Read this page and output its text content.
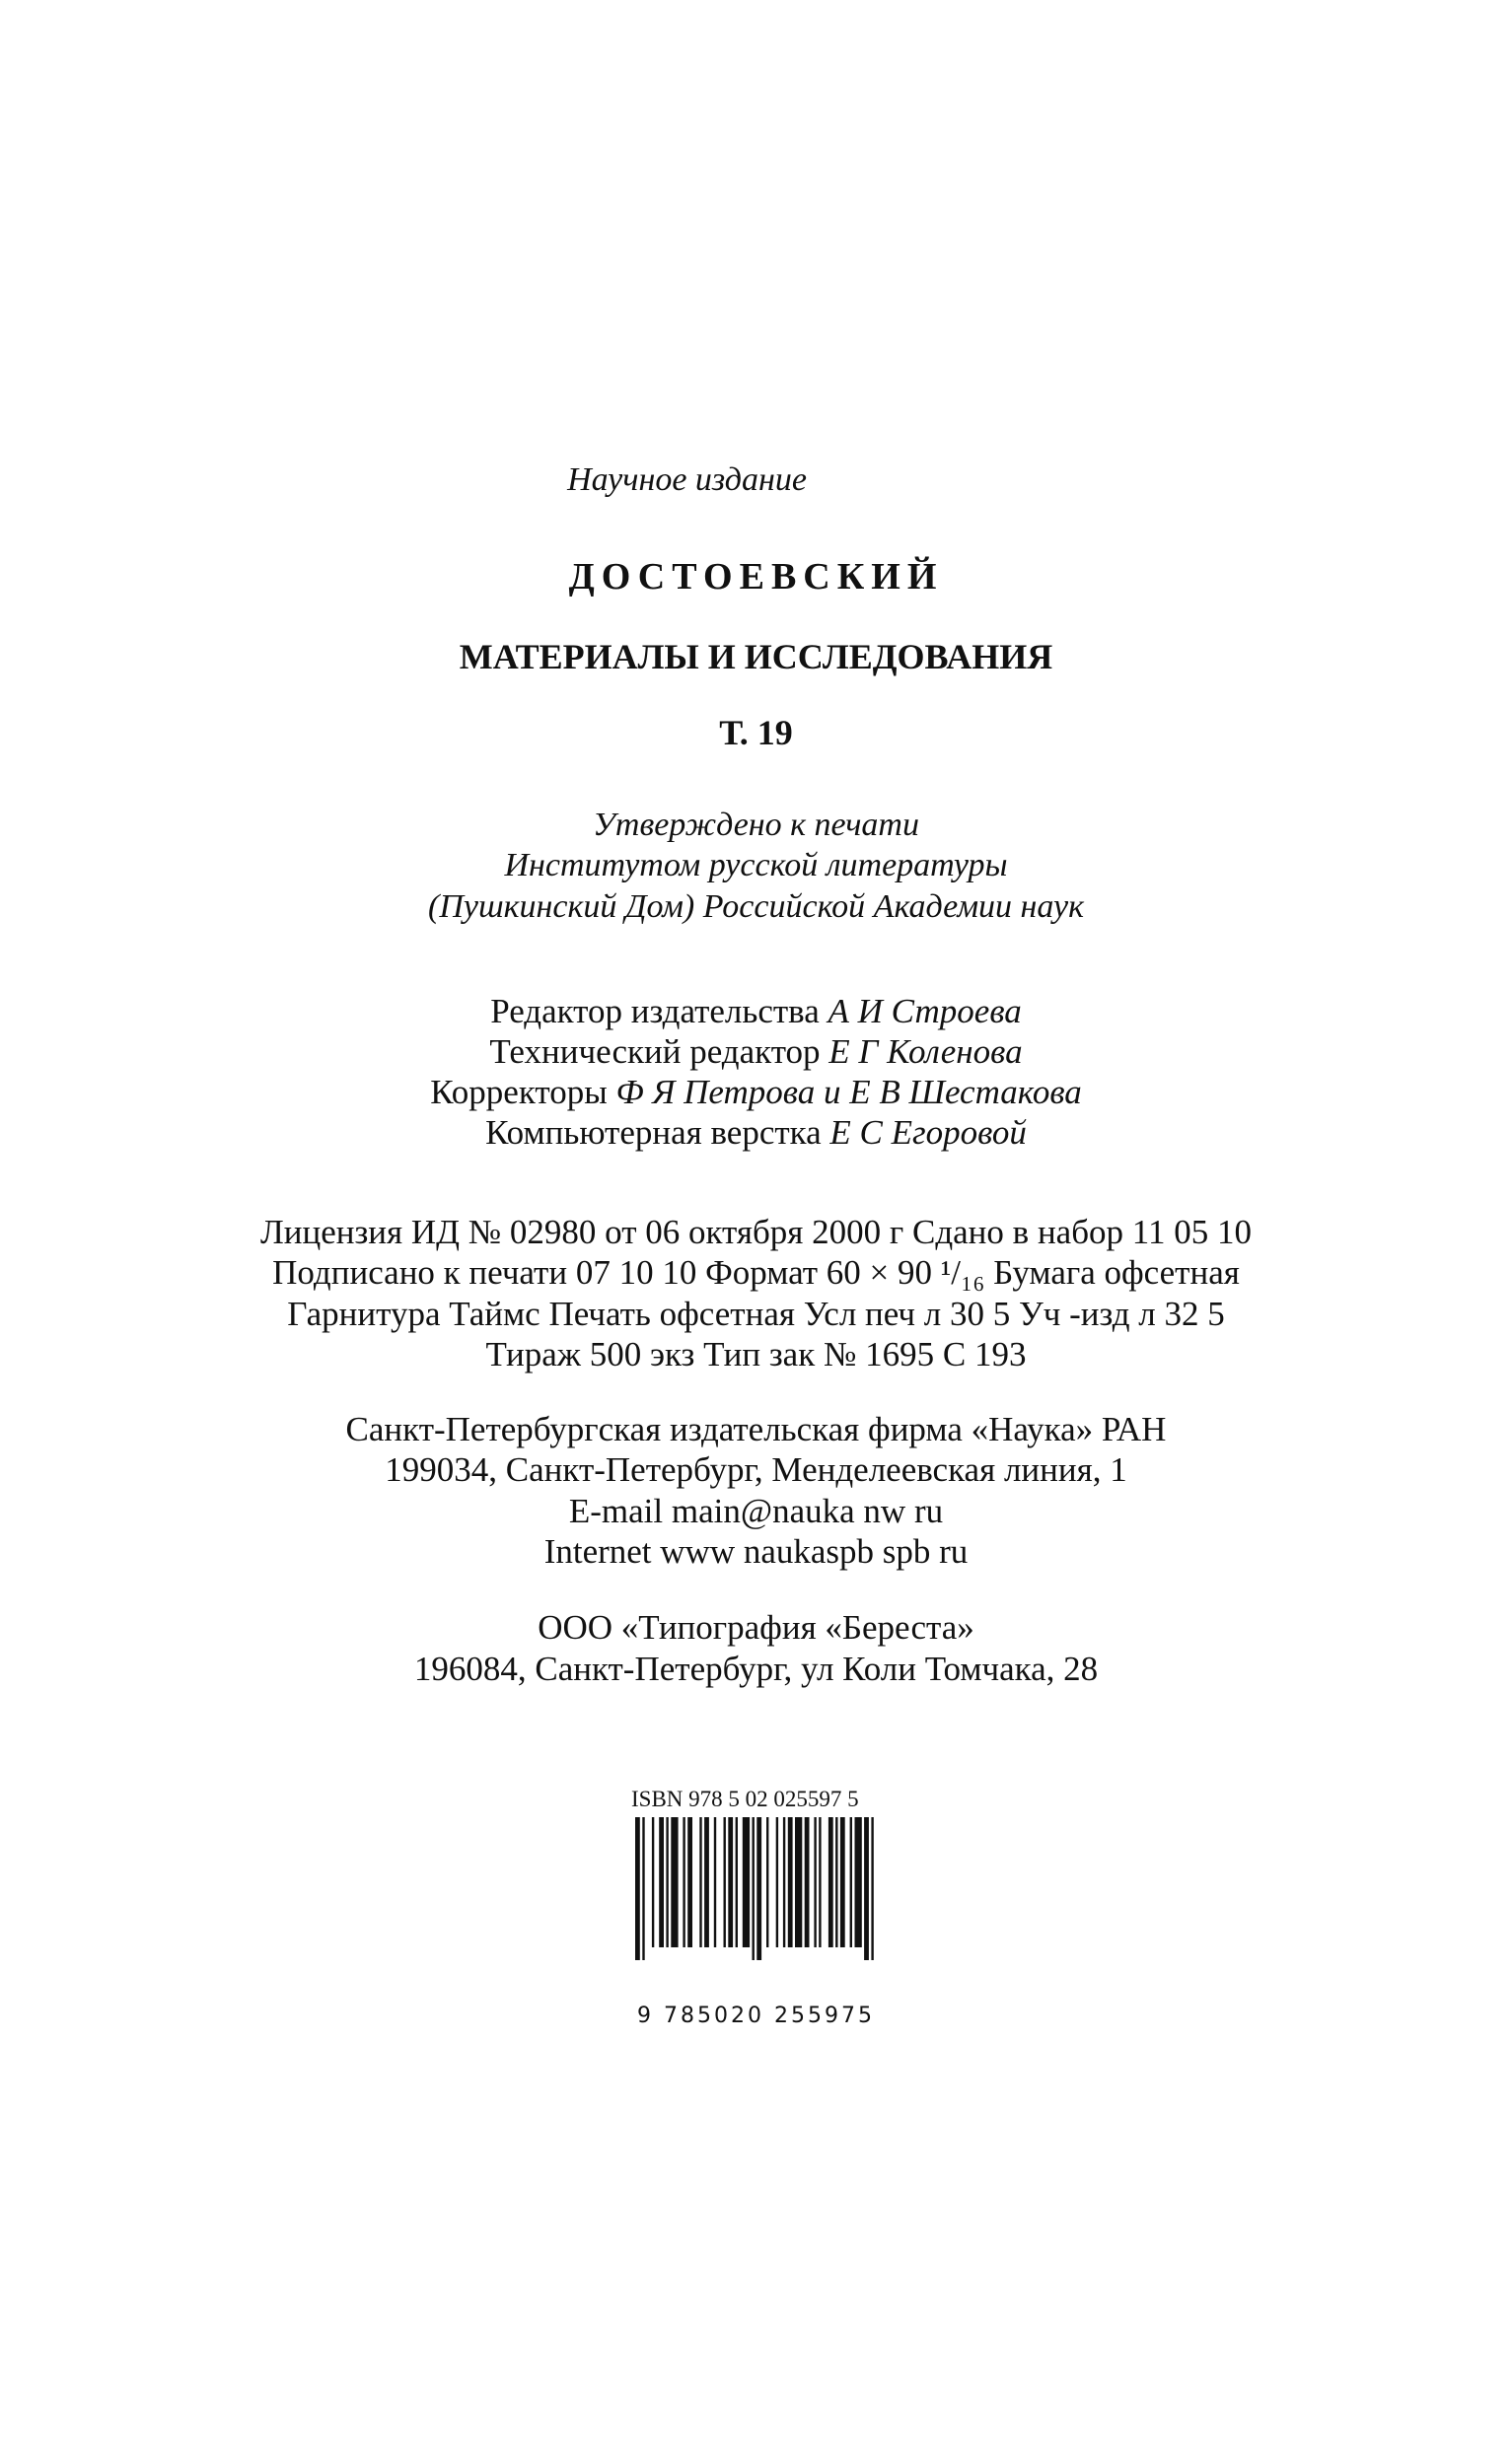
Научное издание
ДОСТОЕВСКИЙ
МАТЕРИАЛЫ И ИССЛЕДОВАНИЯ
Т. 19
Утверждено к печати
Институтом русской литературы
(Пушкинский Дом) Российской Академии наук
Редактор издательства А И Строева
Технический редактор Е Г Коленова
Корректоры Ф Я Петрова и Е В Шестакова
Компьютерная верстка Е С Егоровой
Лицензия ИД № 02980 от 06 октября 2000 г Сдано в набор 11 05 10
Подписано к печати 07 10 10 Формат 60 × 90 ¹/₁₆ Бумага офсетная
Гарнитура Таймс Печать офсетная Усл печ л 30 5 Уч -изд л 32 5
Тираж 500 экз Тип зак № 1695 С 193
Санкт-Петербургская издательская фирма «Наука» РАН
199034, Санкт-Петербург, Менделеевская линия, 1
E-mail main@nauka nw ru
Internet www naukaspb spb ru
ООО «Типография «Береста»
196084, Санкт-Петербург, ул Коли Томчака, 28
ISBN 978 5 02 025597 5
9 785020 255975
